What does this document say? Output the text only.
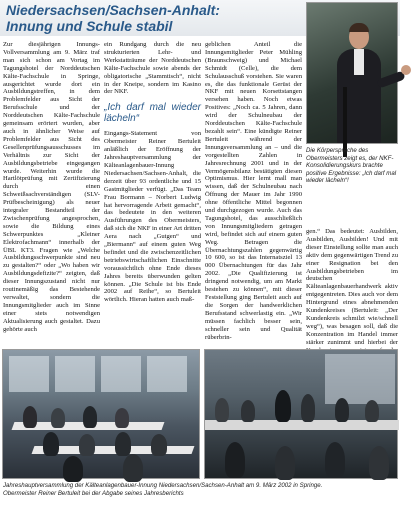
Niedersachsen/Sachsen-Anhalt:
Innung und Schule stabil

Zur diesjährigen Innungs-Vollversammlung am 9. März traf man sich schon am Vortag im Tagungshotel der Norddeutschen Kälte-Fachschule in Springe, ausgerichtet wurde dort ein Ausbildungstreffen, in dem Problemfelder aus Sicht der Berufsschule und der Norddeutschen Kälte-Fachschule gemeinsam erörtert wurden, aber auch in ähnlicher Weise auf Problemfelder aus Sicht des Gesellenprüfungsausschusses im Verhältnis zur Sicht der Ausbildungsbetriebe eingegangen wurde. Weiterhin wurde die Hartlötprüfung mit Zertifizierung durch einen Schweißsachverständigen (SLV-Prüfbescheinigung) als neuer integraler Bestandteil der Zwischenprüfung angesprochen, sowie die Bildung eines Schwerpunktes „Kleiner Elektrofachmann“ innerhalb der ÜBL KT3. Fragen wie „Welche Ausbildungsschwerpunkte sind neu zu gestalten?“ oder „Wo haben wir Ausbildungsdefizite?“ zeigten, daß dieser Innungszustand nicht nur routinemäßig das Bestehende verwaltet, sondern die Innungsmitglieder auch im Sinne einer stets notwendigen Aktualisierung auch gestaltet. Dazu gehörte auch

ein Rundgang durch die neu strukturierten Lehr- und Werkstatträume der Norddeutschen Kälte-Fachschule sowie abends der obligatorische „Stammtisch“, nicht in der Kneipe, sondern im Kasino der NKF.

„Ich darf mal wieder lächeln“

Eingangs-Statement von Obermeister Reiner Bertuleit anläßlich der Eröffnung der Jahreshauptversammlung der Kälteanlagenbauer-Innung Niedersachsen/Sachsen-Anhalt, die derzeit über 93 ordentliche und 15 Gastmitglieder verfügt. „Das Team Frau Bormann – Norbert Ludwig hat hervorragende Arbeit gemacht“, das bedeutete in den weiteren Ausführungen des Obermeisters, daß sich die NKF in einer Art dritten Aera nach „Gutgen“ und „Biermann“ auf einem guten Weg befindet und die zwischenzeitlichen betriebswirtschaftlichen Einschnitte voraussichtlich ohne Ende dieses Jahres bereits überwunden gelten können. „Die Schule ist bis Ende 2002 auf Reihe“, so Bertuleit wörtlich. Hieran hatten auch maß-

geblichen Anteil die Innungsmitglieder Peter Mühling (Braunschweig) und Michael Schmidt (Celle), die dem Schulausschuß vorstehen. Sie waren es, die das funktionale Gerüst der NKF mit neuen Korsettstangen versehen haben. Noch etwas Positives: „Noch ca. 5 Jahren, dann wird der Schulneubau der Norddeutschen Kälte-Fachschule bezahlt sein“. Eine kündigte Reiner Bertuleit während der Innungsversammlung an – und die vorgestellten Zahlen in Jahresrechnung 2001 und in der Vermögensbilanz bestätigten diesen Optimismus. Hier lernt mall man wissen, daß der Schulneubau nach Öffnung der Mauer im Jahr 1990 ohne öffentliche Mittel begonnen und durchgezogen wurde. Auch das Tagungshotel, das ausschließlich von Innungsmitgliedern getragen wird, befindet sich auf einem guten Weg. Betragen die Übernachtungszahlen gegenwärtig 10 600, so ist das Internatsziel 13 000 Übernachtungen für das Jahr 2002. „Die Qualifizierung ist dringend notwendig, um am Markt bestehen zu können“, mit dieser Feststellung ging Bertuleit auch auf die Sorgen der handwerklichen Berufsstand schwerlastig ein. „Wir müssen fachlich besser sein, schneller sein und Qualität rüberbrin-

Die Körpersprache des Obermeisters zeigt es, der NKF-Konsolidierungskurs brachte positive Ergebnisse: „Ich darf mal wieder lächeln“!

gen.“ Das bedeutet: Ausbilden, Ausbilden, Ausbilden! Und mit dieser Einstellung sollte man auch aktiv dem gegenwärtigen Trend zu einer Resignation bei den Ausbildungsbetrieben im deutschen Kälteanlagenbauerhandwerk aktiv entgegentreten. Dies auch vor dem Hintergrund eines abnehmenden Kundenkreises (Bertuleit: „Der Kundenkreis schmilzt wie/schnell weg“), was besagen soll, daß die Konzentration im Handel immer stärker zunimmt und hierbei der

Jahreshauptversammlung der Kälteanlagenbauer-Innung Niedersachsen/Sachsen-Anhalt am 9. März 2002 in Springe.
Obermeister Reiner Bertuleit bei der Abgabe seines Jahresberichts
